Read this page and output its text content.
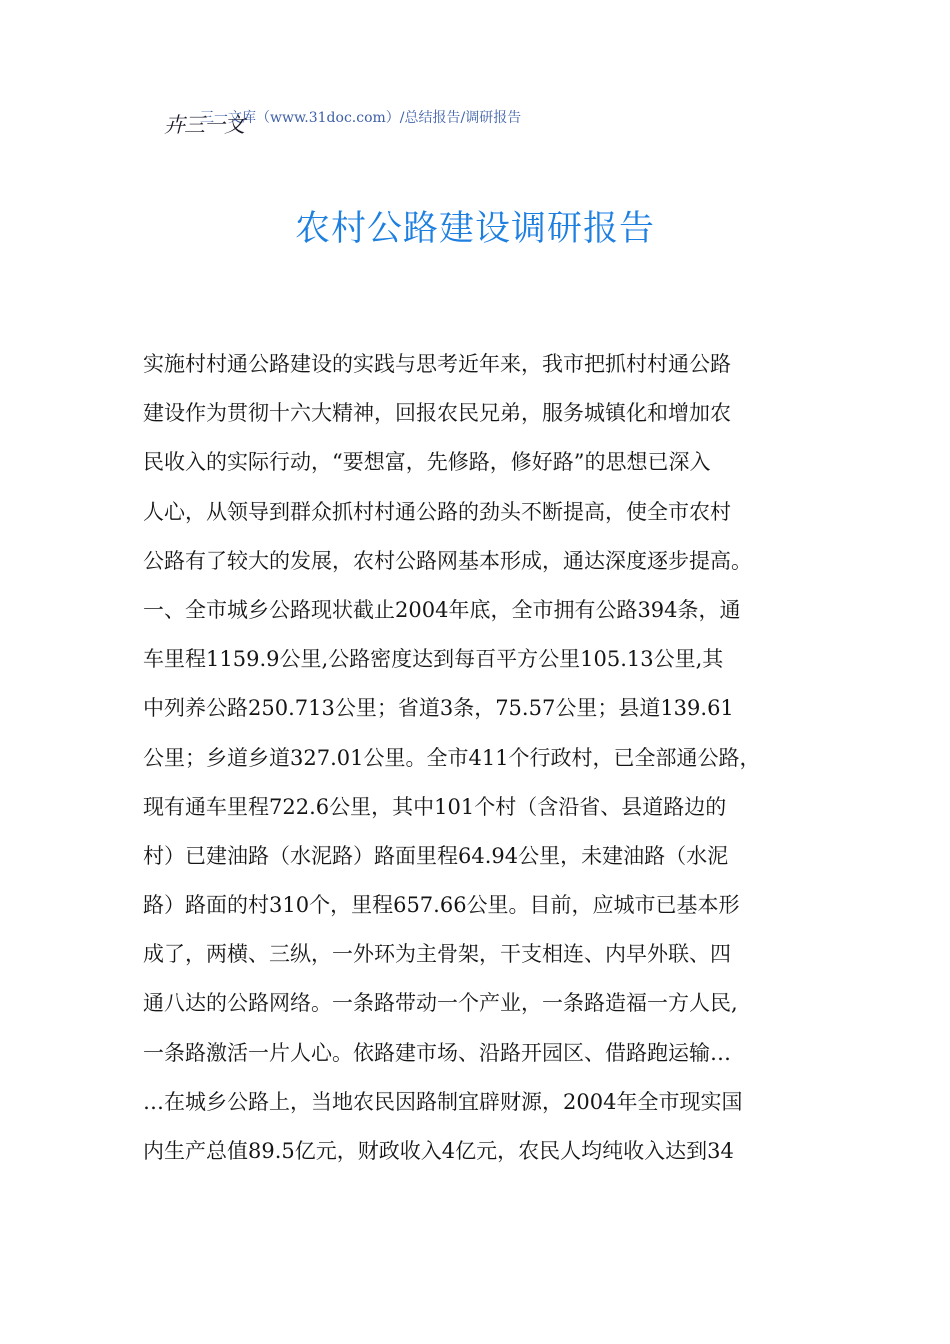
三一文库（www.31doc.com）/总结报告/调研报告
卉三一文
农村公路建设调研报告
实施村村通公路建设的实践与思考近年来，我市把抓村村通公路
建设作为贯彻十六大精神，回报农民兄弟，服务城镇化和增加农
民收入的实际行动，“要想富，先修路，修好路”的思想已深入
人心，从领导到群众抓村村通公路的劲头不断提高，使全市农村
公路有了较大的发展，农村公路网基本形成，通达深度逐步提高。
一、全市城乡公路现状截止2004年底，全市拥有公路394条，通
车里程1159.9公里,公路密度达到每百平方公里105.13公里,其
中列养公路250.713公里；省道3条，75.57公里；县道139.61
公里；乡道乡道327.01公里。全市411个行政村，已全部通公路，
现有通车里程722.6公里，其中101个村（含沿省、县道路边的
村）已建油路（水泥路）路面里程64.94公里，未建油路（水泥
路）路面的村310个，里程657.66公里。目前，应城市已基本形
成了，两横、三纵，一外环为主骨架，干支相连、内早外联、四
通八达的公路网络。一条路带动一个产业，一条路造福一方人民,
一条路激活一片人心。依路建市场、沿路开园区、借路跑运输…
…在城乡公路上，当地农民因路制宜辟财源，2004年全市现实国
内生产总值89.5亿元，财政收入4亿元，农民人均纯收入达到34
